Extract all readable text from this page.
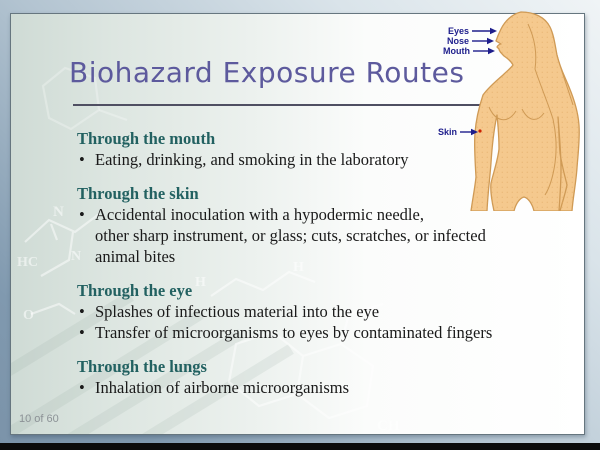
N
HC N
O
H
H
CH
Biohazard Exposure Routes
Through the mouth
•
Eating, drinking, and smoking in the laboratory
Through the skin
•
Accidental inoculation with a hypodermic needle,
other sharp instrument, or glass; cuts, scratches, or infected
animal bites
Through the eye
•
Splashes of infectious material into the eye
•
Transfer of microorganisms to eyes by contaminated fingers
Through the lungs
•
Inhalation of airborne microorganisms
Eyes
Nose
Mouth
Skin
10 of 60
